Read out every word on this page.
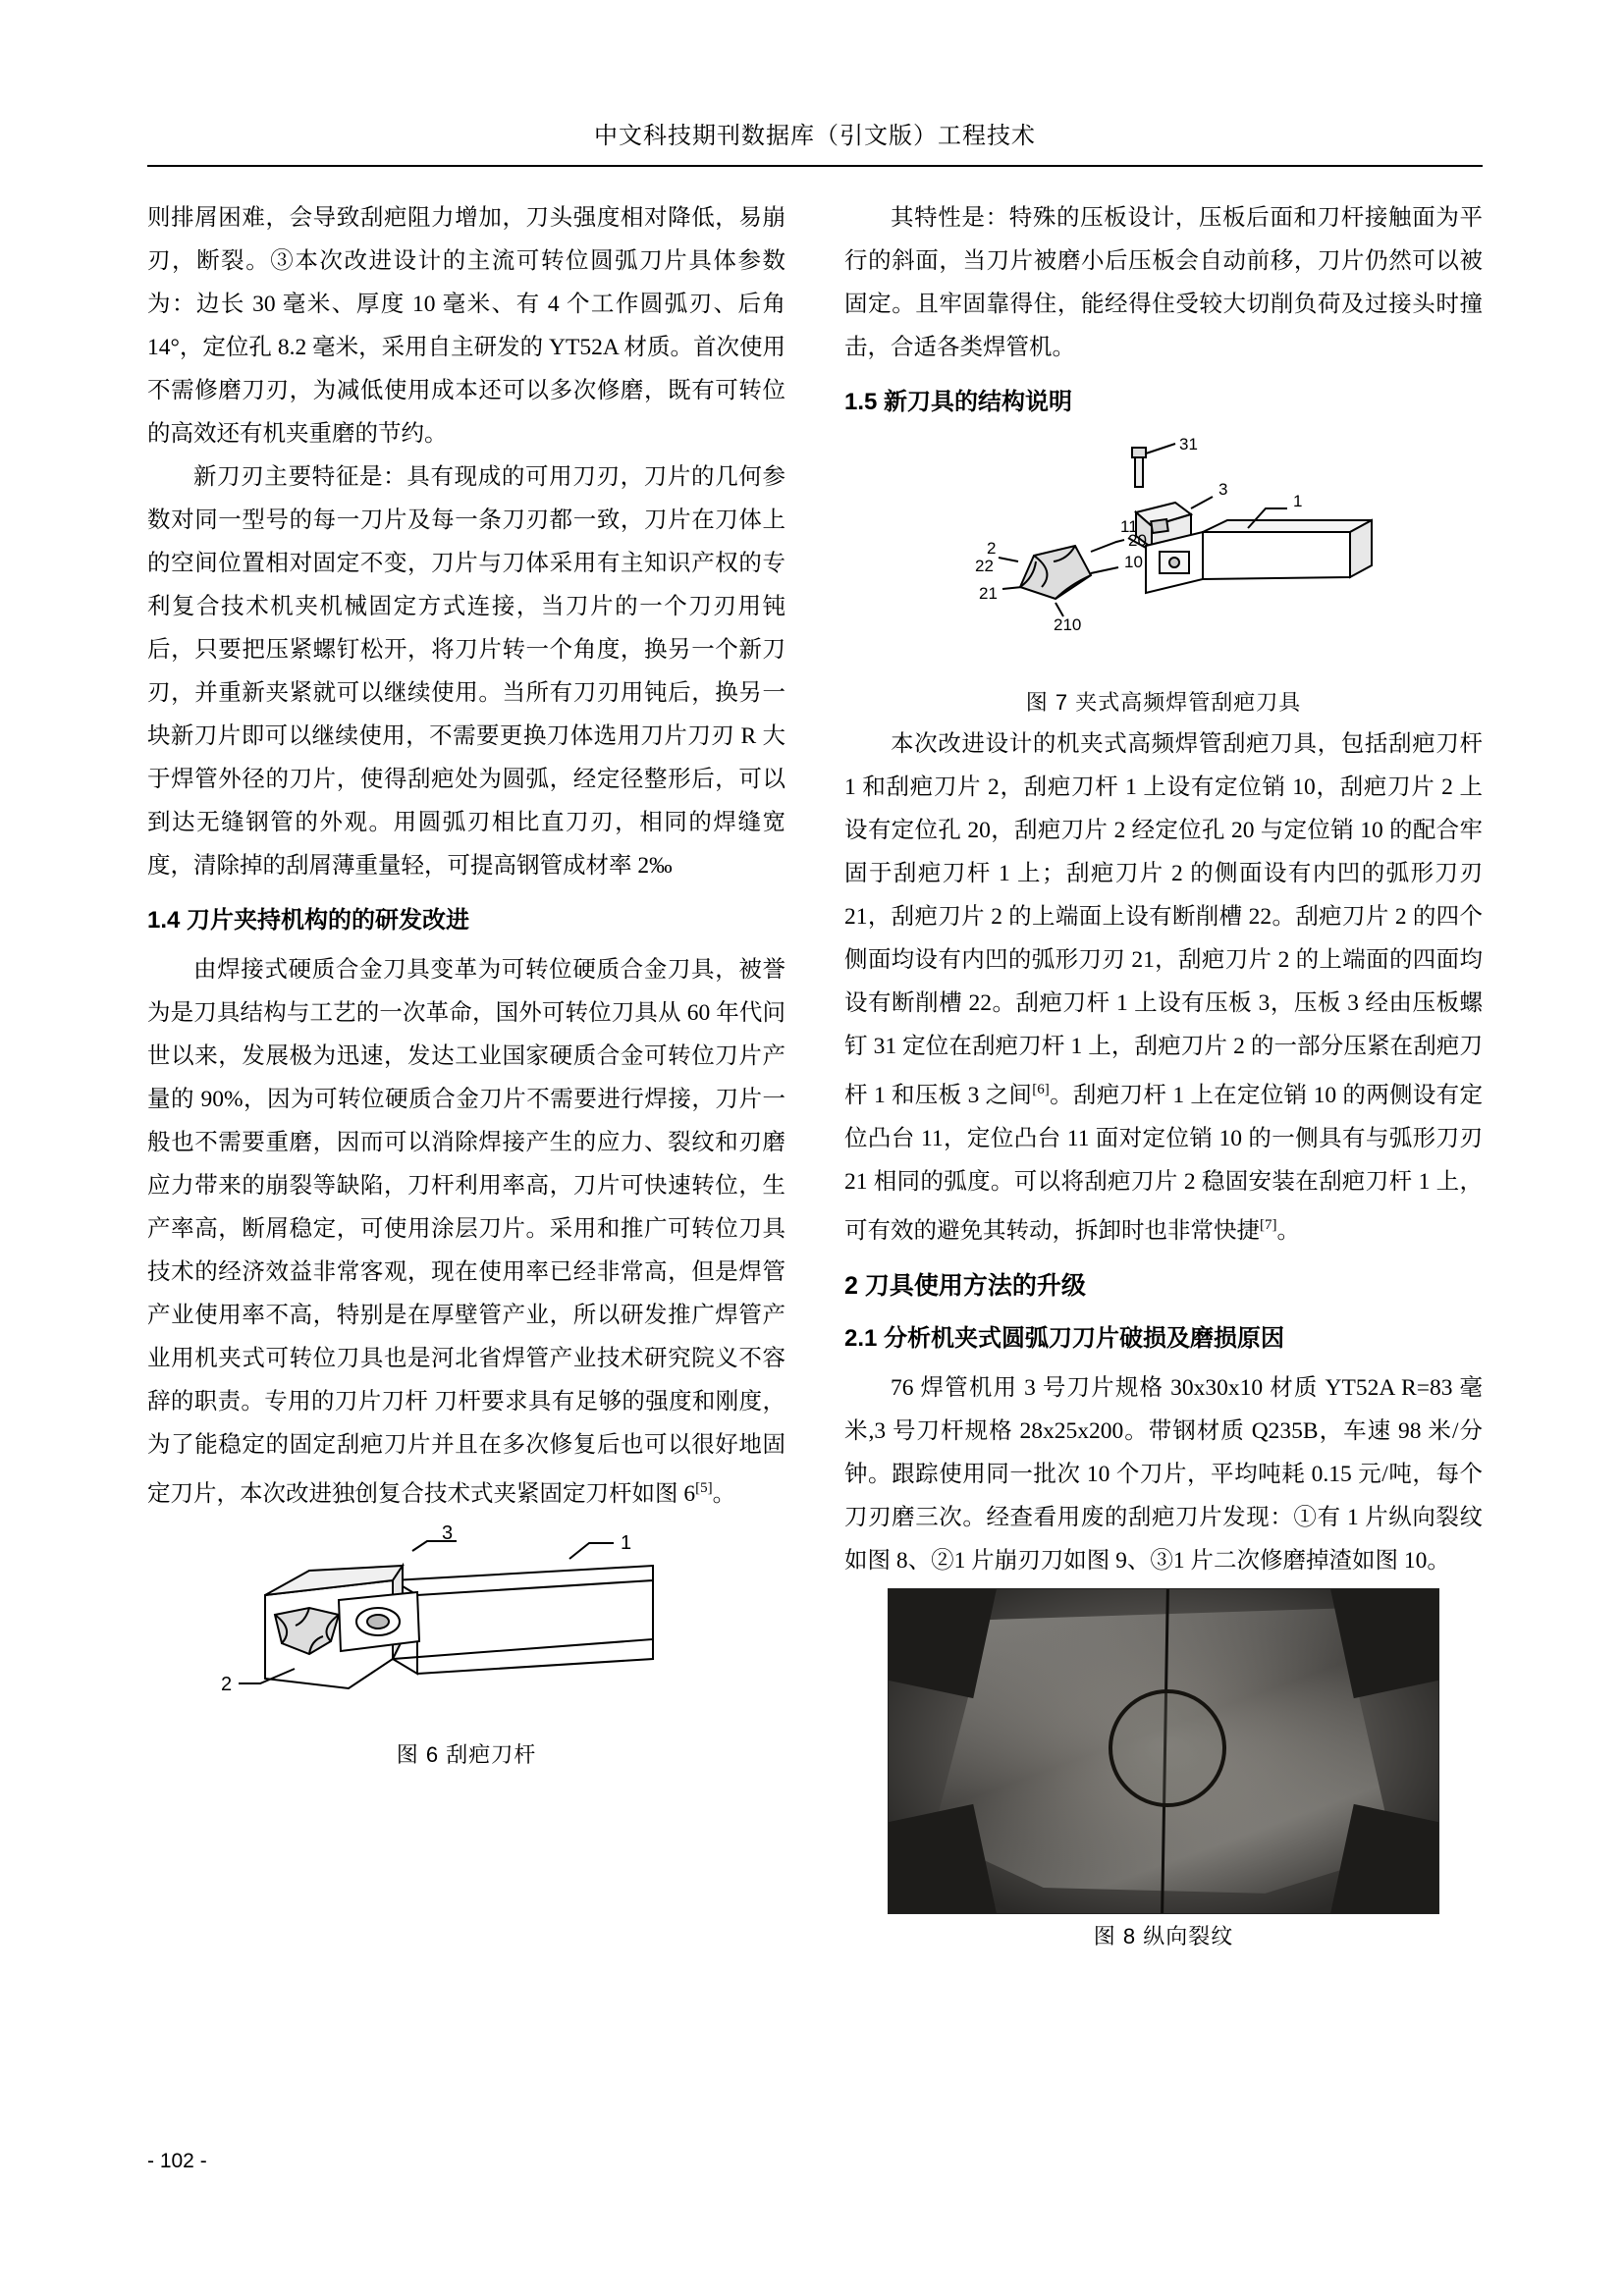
中文科技期刊数据库（引文版）工程技术

则排屑困难，会导致刮疤阻力增加，刀头强度相对降低，易崩刃，断裂。③本次改进设计的主流可转位圆弧刀片具体参数为：边长 30 毫米、厚度 10 毫米、有 4 个工作圆弧刃、后角 14°，定位孔 8.2 毫米，采用自主研发的 YT52A 材质。首次使用不需修磨刀刃，为减低使用成本还可以多次修磨，既有可转位的高效还有机夹重磨的节约。

新刀刃主要特征是：具有现成的可用刀刃，刀片的几何参数对同一型号的每一刀片及每一条刀刃都一致，刀片在刀体上的空间位置相对固定不变，刀片与刀体采用有主知识产权的专利复合技术机夹机械固定方式连接，当刀片的一个刀刃用钝后，只要把压紧螺钉松开，将刀片转一个角度，换另一个新刀刃，并重新夹紧就可以继续使用。当所有刀刃用钝后，换另一块新刀片即可以继续使用，不需要更换刀体选用刀片刀刃 R 大于焊管外径的刀片，使得刮疤处为圆弧，经定径整形后，可以到达无缝钢管的外观。用圆弧刃相比直刀刃，相同的焊缝宽度，清除掉的刮屑薄重量轻，可提高钢管成材率 2‰

1.4 刀片夹持机构的的研发改进

由焊接式硬质合金刀具变革为可转位硬质合金刀具，被誉为是刀具结构与工艺的一次革命，国外可转位刀具从 60 年代问世以来，发展极为迅速，发达工业国家硬质合金可转位刀片产量的 90%，因为可转位硬质合金刀片不需要进行焊接，刀片一般也不需要重磨，因而可以消除焊接产生的应力、裂纹和刃磨应力带来的崩裂等缺陷，刀杆利用率高，刀片可快速转位，生产率高，断屑稳定，可使用涂层刀片。采用和推广可转位刀具技术的经济效益非常客观，现在使用率已经非常高，但是焊管产业使用率不高，特别是在厚壁管产业，所以研发推广焊管产业用机夹式可转位刀具也是河北省焊管产业技术研究院义不容辞的职责。专用的刀片刀杆 刀杆要求具有足够的强度和刚度，为了能稳定的固定刮疤刀片并且在多次修复后也可以很好地固定刀片，本次改进独创复合技术式夹紧固定刀杆如图 6[5]。

3
2
1
图 6 刮疤刀杆

其特性是：特殊的压板设计，压板后面和刀杆接触面为平行的斜面，当刀片被磨小后压板会自动前移，刀片仍然可以被固定。且牢固靠得住，能经得住受较大切削负荷及过接头时撞击，合适各类焊管机。

1.5 新刀具的结构说明
31
3
1
11
20
2
22	10
21
210
图 7 夹式高频焊管刮疤刀具

本次改进设计的机夹式高频焊管刮疤刀具，包括刮疤刀杆 1 和刮疤刀片 2，刮疤刀杆 1 上设有定位销 10，刮疤刀片 2 上设有定位孔 20，刮疤刀片 2 经定位孔 20 与定位销 10 的配合牢固于刮疤刀杆 1 上；刮疤刀片 2 的侧面设有内凹的弧形刀刃 21，刮疤刀片 2 的上端面上设有断削槽 22。刮疤刀片 2 的四个侧面均设有内凹的弧形刀刃 21，刮疤刀片 2 的上端面的四面均设有断削槽 22。刮疤刀杆 1 上设有压板 3，压板 3 经由压板螺钉 31 定位在刮疤刀杆 1 上，刮疤刀片 2 的一部分压紧在刮疤刀杆 1 和压板 3 之间[6]。刮疤刀杆 1 上在定位销 10 的两侧设有定位凸台 11，定位凸台 11 面对定位销 10 的一侧具有与弧形刀刃 21 相同的弧度。可以将刮疤刀片 2 稳固安装在刮疤刀杆 1 上，可有效的避免其转动，拆卸时也非常快捷[7]。

2 刀具使用方法的升级
2.1 分析机夹式圆弧刀刀片破损及磨损原因

76 焊管机用 3 号刀片规格 30x30x10 材质 YT52A R=83 毫米,3 号刀杆规格 28x25x200。带钢材质 Q235B，车速 98 米/分钟。跟踪使用同一批次 10 个刀片，平均吨耗 0.15 元/吨，每个刀刃磨三次。经查看用废的刮疤刀片发现：①有 1 片纵向裂纹如图 8、②1 片崩刃刀如图 9、③1 片二次修磨掉渣如图 10。

图 8 纵向裂纹
- 102 -
